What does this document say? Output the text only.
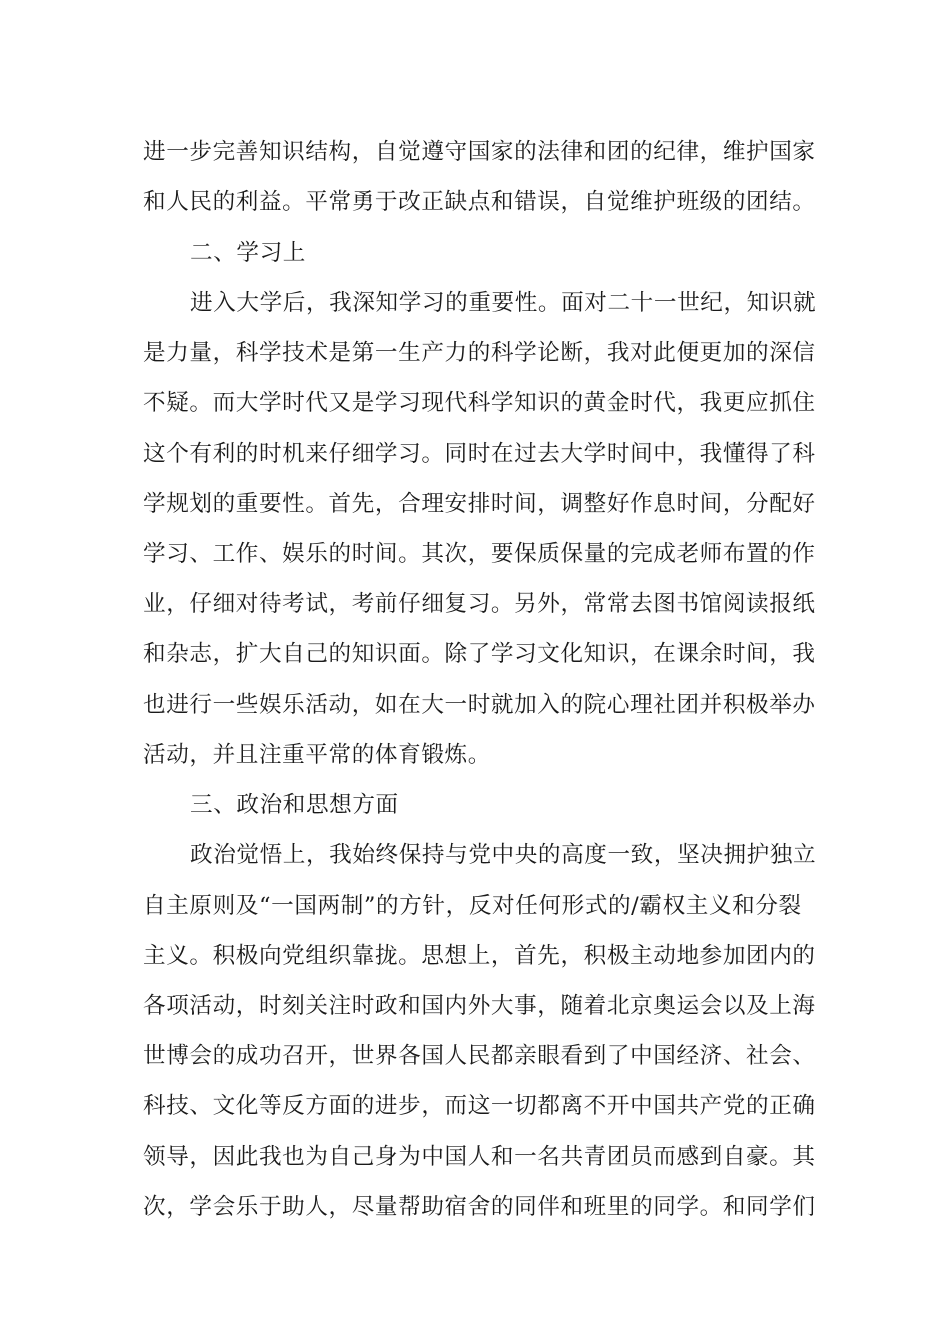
进一步完善知识结构，自觉遵守国家的法律和团的纪律，维护国家
和人民的利益。平常勇于改正缺点和错误，自觉维护班级的团结。
二、学习上
进入大学后，我深知学习的重要性。面对二十一世纪，知识就
是力量，科学技术是第一生产力的科学论断，我对此便更加的深信
不疑。而大学时代又是学习现代科学知识的黄金时代，我更应抓住
这个有利的时机来仔细学习。同时在过去大学时间中，我懂得了科
学规划的重要性。首先，合理安排时间，调整好作息时间，分配好
学习、工作、娱乐的时间。其次，要保质保量的完成老师布置的作
业，仔细对待考试，考前仔细复习。另外，常常去图书馆阅读报纸
和杂志，扩大自己的知识面。除了学习文化知识，在课余时间，我
也进行一些娱乐活动，如在大一时就加入的院心理社团并积极举办
活动，并且注重平常的体育锻炼。
三、政治和思想方面
政治觉悟上，我始终保持与党中央的高度一致，坚决拥护独立
自主原则及“一国两制”的方针，反对任何形式的/霸权主义和分裂
主义。积极向党组织靠拢。思想上，首先，积极主动地参加团内的
各项活动，时刻关注时政和国内外大事，随着北京奥运会以及上海
世博会的成功召开，世界各国人民都亲眼看到了中国经济、社会、
科技、文化等反方面的进步，而这一切都离不开中国共产党的正确
领导，因此我也为自己身为中国人和一名共青团员而感到自豪。其
次，学会乐于助人，尽量帮助宿舍的同伴和班里的同学。和同学们
